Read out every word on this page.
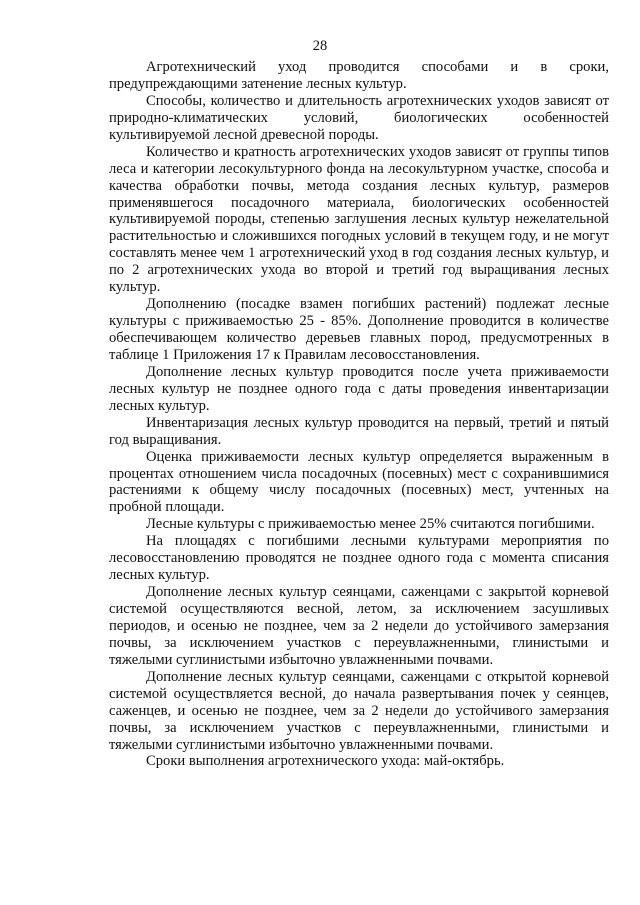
28

Агротехнический уход проводится способами и в сроки, предупреждающими затенение лесных культур.

Способы, количество и длительность агротехнических уходов зависят от природно-климатических условий, биологических особенностей культивируемой лесной древесной породы.

Количество и кратность агротехнических уходов зависят от группы типов леса и категории лесокультурного фонда на лесокультурном участке, способа и качества обработки почвы, метода создания лесных культур, размеров применявшегося посадочного материала, биологических особенностей культивируемой породы, степенью заглушения лесных культур нежелательной растительностью и сложившихся погодных условий в текущем году, и не могут составлять менее чем 1 агротехнический уход в год создания лесных культур, и по 2 агротехнических ухода во второй и третий год выращивания лесных культур.

Дополнению (посадке взамен погибших растений) подлежат лесные культуры с приживаемостью 25 - 85%. Дополнение проводится в количестве обеспечивающем количество деревьев главных пород, предусмотренных в таблице 1 Приложения 17 к Правилам лесовосстановления.

Дополнение лесных культур проводится после учета приживаемости лесных культур не позднее одного года с даты проведения инвентаризации лесных культур.

Инвентаризация лесных культур проводится на первый, третий и пятый год выращивания.

Оценка приживаемости лесных культур определяется выраженным в процентах отношением числа посадочных (посевных) мест с сохранившимися растениями к общему числу посадочных (посевных) мест, учтенных на пробной площади.

Лесные культуры с приживаемостью менее 25% считаются погибшими.

На площадях с погибшими лесными культурами мероприятия по лесовосстановлению проводятся не позднее одного года с момента списания лесных культур.

Дополнение лесных культур сеянцами, саженцами с закрытой корневой системой осуществляются весной, летом, за исключением засушливых периодов, и осенью не позднее, чем за 2 недели до устойчивого замерзания почвы, за исключением участков с переувлажненными, глинистыми и тяжелыми суглинистыми избыточно увлажненными почвами.

Дополнение лесных культур сеянцами, саженцами с открытой корневой системой осуществляется весной, до начала развертывания почек у сеянцев, саженцев, и осенью не позднее, чем за 2 недели до устойчивого замерзания почвы, за исключением участков с переувлажненными, глинистыми и тяжелыми суглинистыми избыточно увлажненными почвами.

Сроки выполнения агротехнического ухода: май-октябрь.
